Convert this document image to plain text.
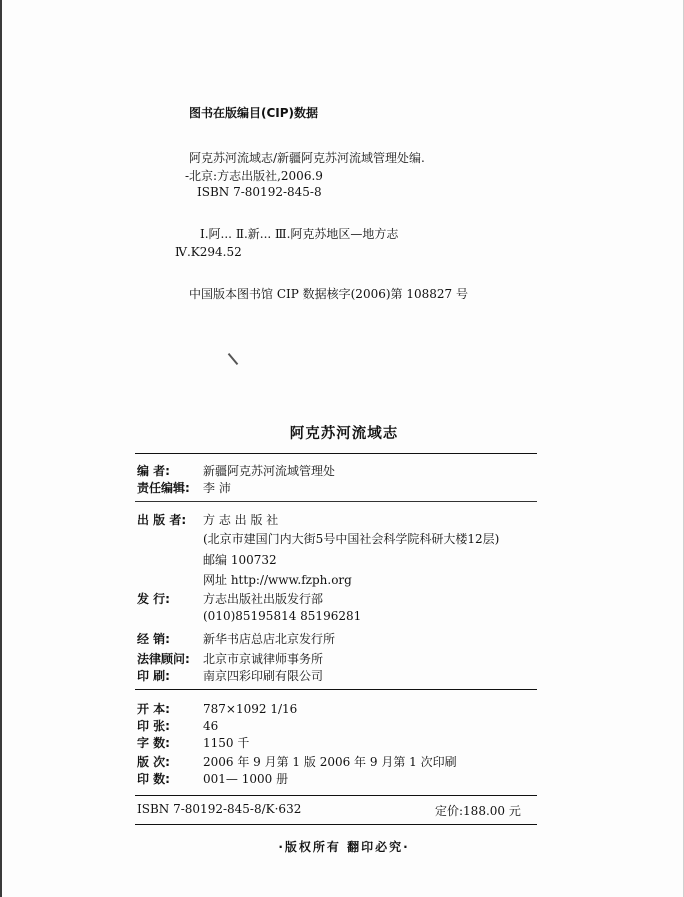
图书在版编目(CIP)数据
阿克苏河流域志/新疆阿克苏河流域管理处编.
-北京:方志出版社,2006.9
ISBN 7-80192-845-8
Ⅰ.阿... Ⅱ.新... Ⅲ.阿克苏地区—地方志
Ⅳ.K294.52
中国版本图书馆 CIP 数据核字(2006)第 108827 号
阿克苏河流域志
编 者:	新疆阿克苏河流域管理处
责任编辑:	李 沛
出 版 者:	方 志 出 版 社
(北京市建国门内大街5号中国社会科学院科研大楼12层)
邮编 100732
网址 http://www.fzph.org
发 行:	方志出版社出版发行部
(010)85195814 85196281
经 销:	新华书店总店北京发行所
法律顾问:	北京市京诚律师事务所
印 刷:	南京四彩印刷有限公司
开 本:	787×1092 1/16
印 张:	46
字 数:	1150 千
版 次:	2006 年 9 月第 1 版 2006 年 9 月第 1 次印刷
印 数:	001— 1000 册
ISBN 7-80192-845-8/K·632	定价:188.00 元
·版权所有 翻印必究·
